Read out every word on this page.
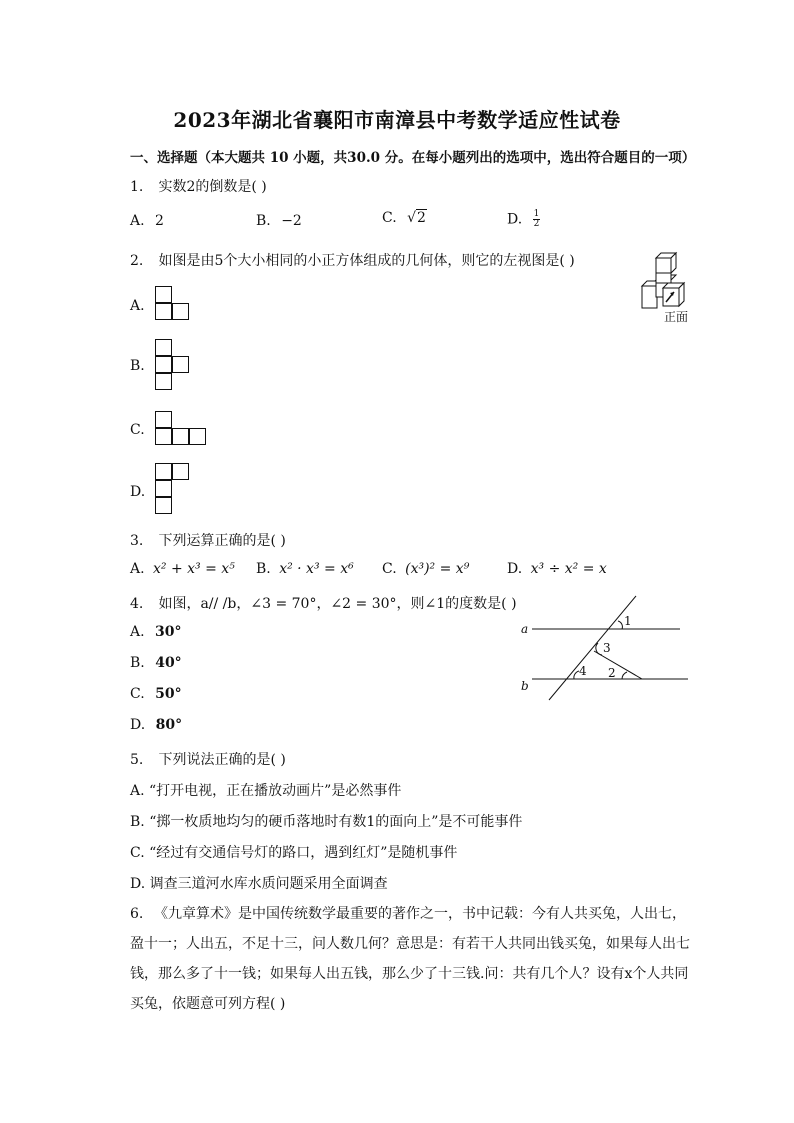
2023年湖北省襄阳市南漳县中考数学适应性试卷
一、选择题（本大题共 10 小题，共30.0 分。在每小题列出的选项中，选出符合题目的一项）
1. 实数2的倒数是( )
A. 2	B. −2	C. √2	D. $\frac{1}{2}$
2. 如图是由5个大小相同的小正方体组成的几何体，则它的左视图是( )
正面
A.
B.
C.
D.
3. 下列运算正确的是( )
A. x² + x³ = x⁵ B. x² · x³ = x⁶ C. (x³)² = x⁹	D. x³ ÷ x² = x
4. 如图，a// /b，∠3 = 70°，∠2 = 30°，则∠1的度数是( )
A. 30°
B. 40°
C. 50°
D. 80°
a
b
1
3
4 2
5. 下列说法正确的是( )
A. “打开电视，正在播放动画片”是必然事件
B. “掷一枚质地均匀的硬币落地时有数1的面向上”是不可能事件
C. “经过有交通信号灯的路口，遇到红灯”是随机事件
D. 调查三道河水库水质问题采用全面调查
6. 《九章算术》是中国传统数学最重要的著作之一，书中记载：今有人共买兔，人出七，
盈十一；人出五，不足十三，问人数几何？意思是：有若干人共同出钱买兔，如果每人出七
钱，那么多了十一钱；如果每人出五钱，那么少了十三钱.问：共有几个人？设有x个人共同
买兔，依题意可列方程( )
